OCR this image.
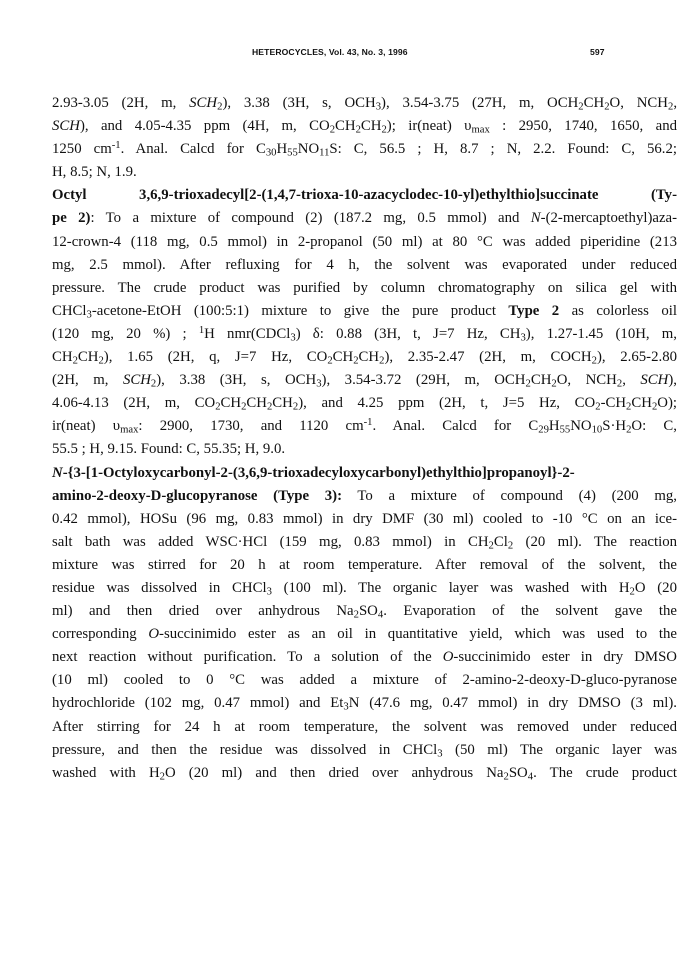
HETEROCYCLES, Vol. 43, No. 3, 1996	597
2.93-3.05 (2H, m, $SCH_2$), 3.38 (3H, s, $OCH_3$), 3.54-3.75 (27H, m, $OCH_2CH_2O$, $NCH_2$,
SCH), and 4.05-4.35 ppm (4H, m, $CO_2CH_2CH_2$); ir(neat) $\upsilon_{max}$ : 2950, 1740, 1650, and
1250 $cm^{-1}$. Anal. Calcd for $C_{30}H_{55}NO_{11}S$: C, 56.5 ; H, 8.7 ; N, 2.2. Found: C, 56.2;
H, 8.5; N, 1.9.
Octyl 3,6,9-trioxadecyl[2-(1,4,7-trioxa-10-azacyclodec-10-yl)ethylthio]succinate (Ty-
pe 2): To a mixture of compound (2) (187.2 mg, 0.5 mmol) and N-(2-mercaptoethyl)aza-
12-crown-4 (118 mg, 0.5 mmol) in 2-propanol (50 ml) at 80 °C was added piperidine (213
mg, 2.5 mmol). After refluxing for 4 h, the solvent was evaporated under reduced
pressure. The crude product was purified by column chromatography on silica gel with
CHCl$_3$-acetone-EtOH (100:5:1) mixture to give the pure product Type 2 as colorless oil
(120 mg, 20 %) ; $^1$H nmr(CDCl$_3$) δ: 0.88 (3H, t, J=7 Hz, $CH_3$), 1.27-1.45 (10H, m,
$CH_2CH_2$), 1.65 (2H, q, J=7 Hz, $CO_2CH_2CH_2$), 2.35-2.47 (2H, m, $COCH_2$), 2.65-2.80
(2H, m, $SCH_2$), 3.38 (3H, s, $OCH_3$), 3.54-3.72 (29H, m, $OCH_2CH_2O$, $NCH_2$, SCH),
4.06-4.13 (2H, m, $CO_2CH_2CH_2CH_2$), and 4.25 ppm (2H, t, J=5 Hz, $CO_2-CH_2CH_2O$);
ir(neat) $\upsilon_{max}$: 2900, 1730, and 1120 $cm^{-1}$. Anal. Calcd for $C_{29}H_{55}NO_{10}S\cdot H_2O$: C,
55.5 ; H, 9.15. Found: C, 55.35; H, 9.0.
N-{3-[1-Octyloxycarbonyl-2-(3,6,9-trioxadecyloxycarbonyl)ethylthio]propanoyl}-2-
amino-2-deoxy-D-glucopyranose (Type 3): To a mixture of compound (4) (200 mg,
0.42 mmol), HOSu (96 mg, 0.83 mmol) in dry DMF (30 ml) cooled to -10 °C on an ice-
salt bath was added WSC·HCl (159 mg, 0.83 mmol) in $CH_2Cl_2$ (20 ml). The reaction
mixture was stirred for 20 h at room temperature. After removal of the solvent, the
residue was dissolved in CHCl$_3$ (100 ml). The organic layer was washed with $H_2O$ (20
ml) and then dried over anhydrous $Na_2SO_4$. Evaporation of the solvent gave the
corresponding O-succinimido ester as an oil in quantitative yield, which was used to the
next reaction without purification. To a solution of the O-succinimido ester in dry DMSO
(10 ml) cooled to 0 °C was added a mixture of 2-amino-2-deoxy-D-gluco-pyranose
hydrochloride (102 mg, 0.47 mmol) and $Et_3N$ (47.6 mg, 0.47 mmol) in dry DMSO (3 ml).
After stirring for 24 h at room temperature, the solvent was removed under reduced
pressure, and then the residue was dissolved in CHCl$_3$ (50 ml) The organic layer was
washed with $H_2O$ (20 ml) and then dried over anhydrous $Na_2SO_4$. The crude product
